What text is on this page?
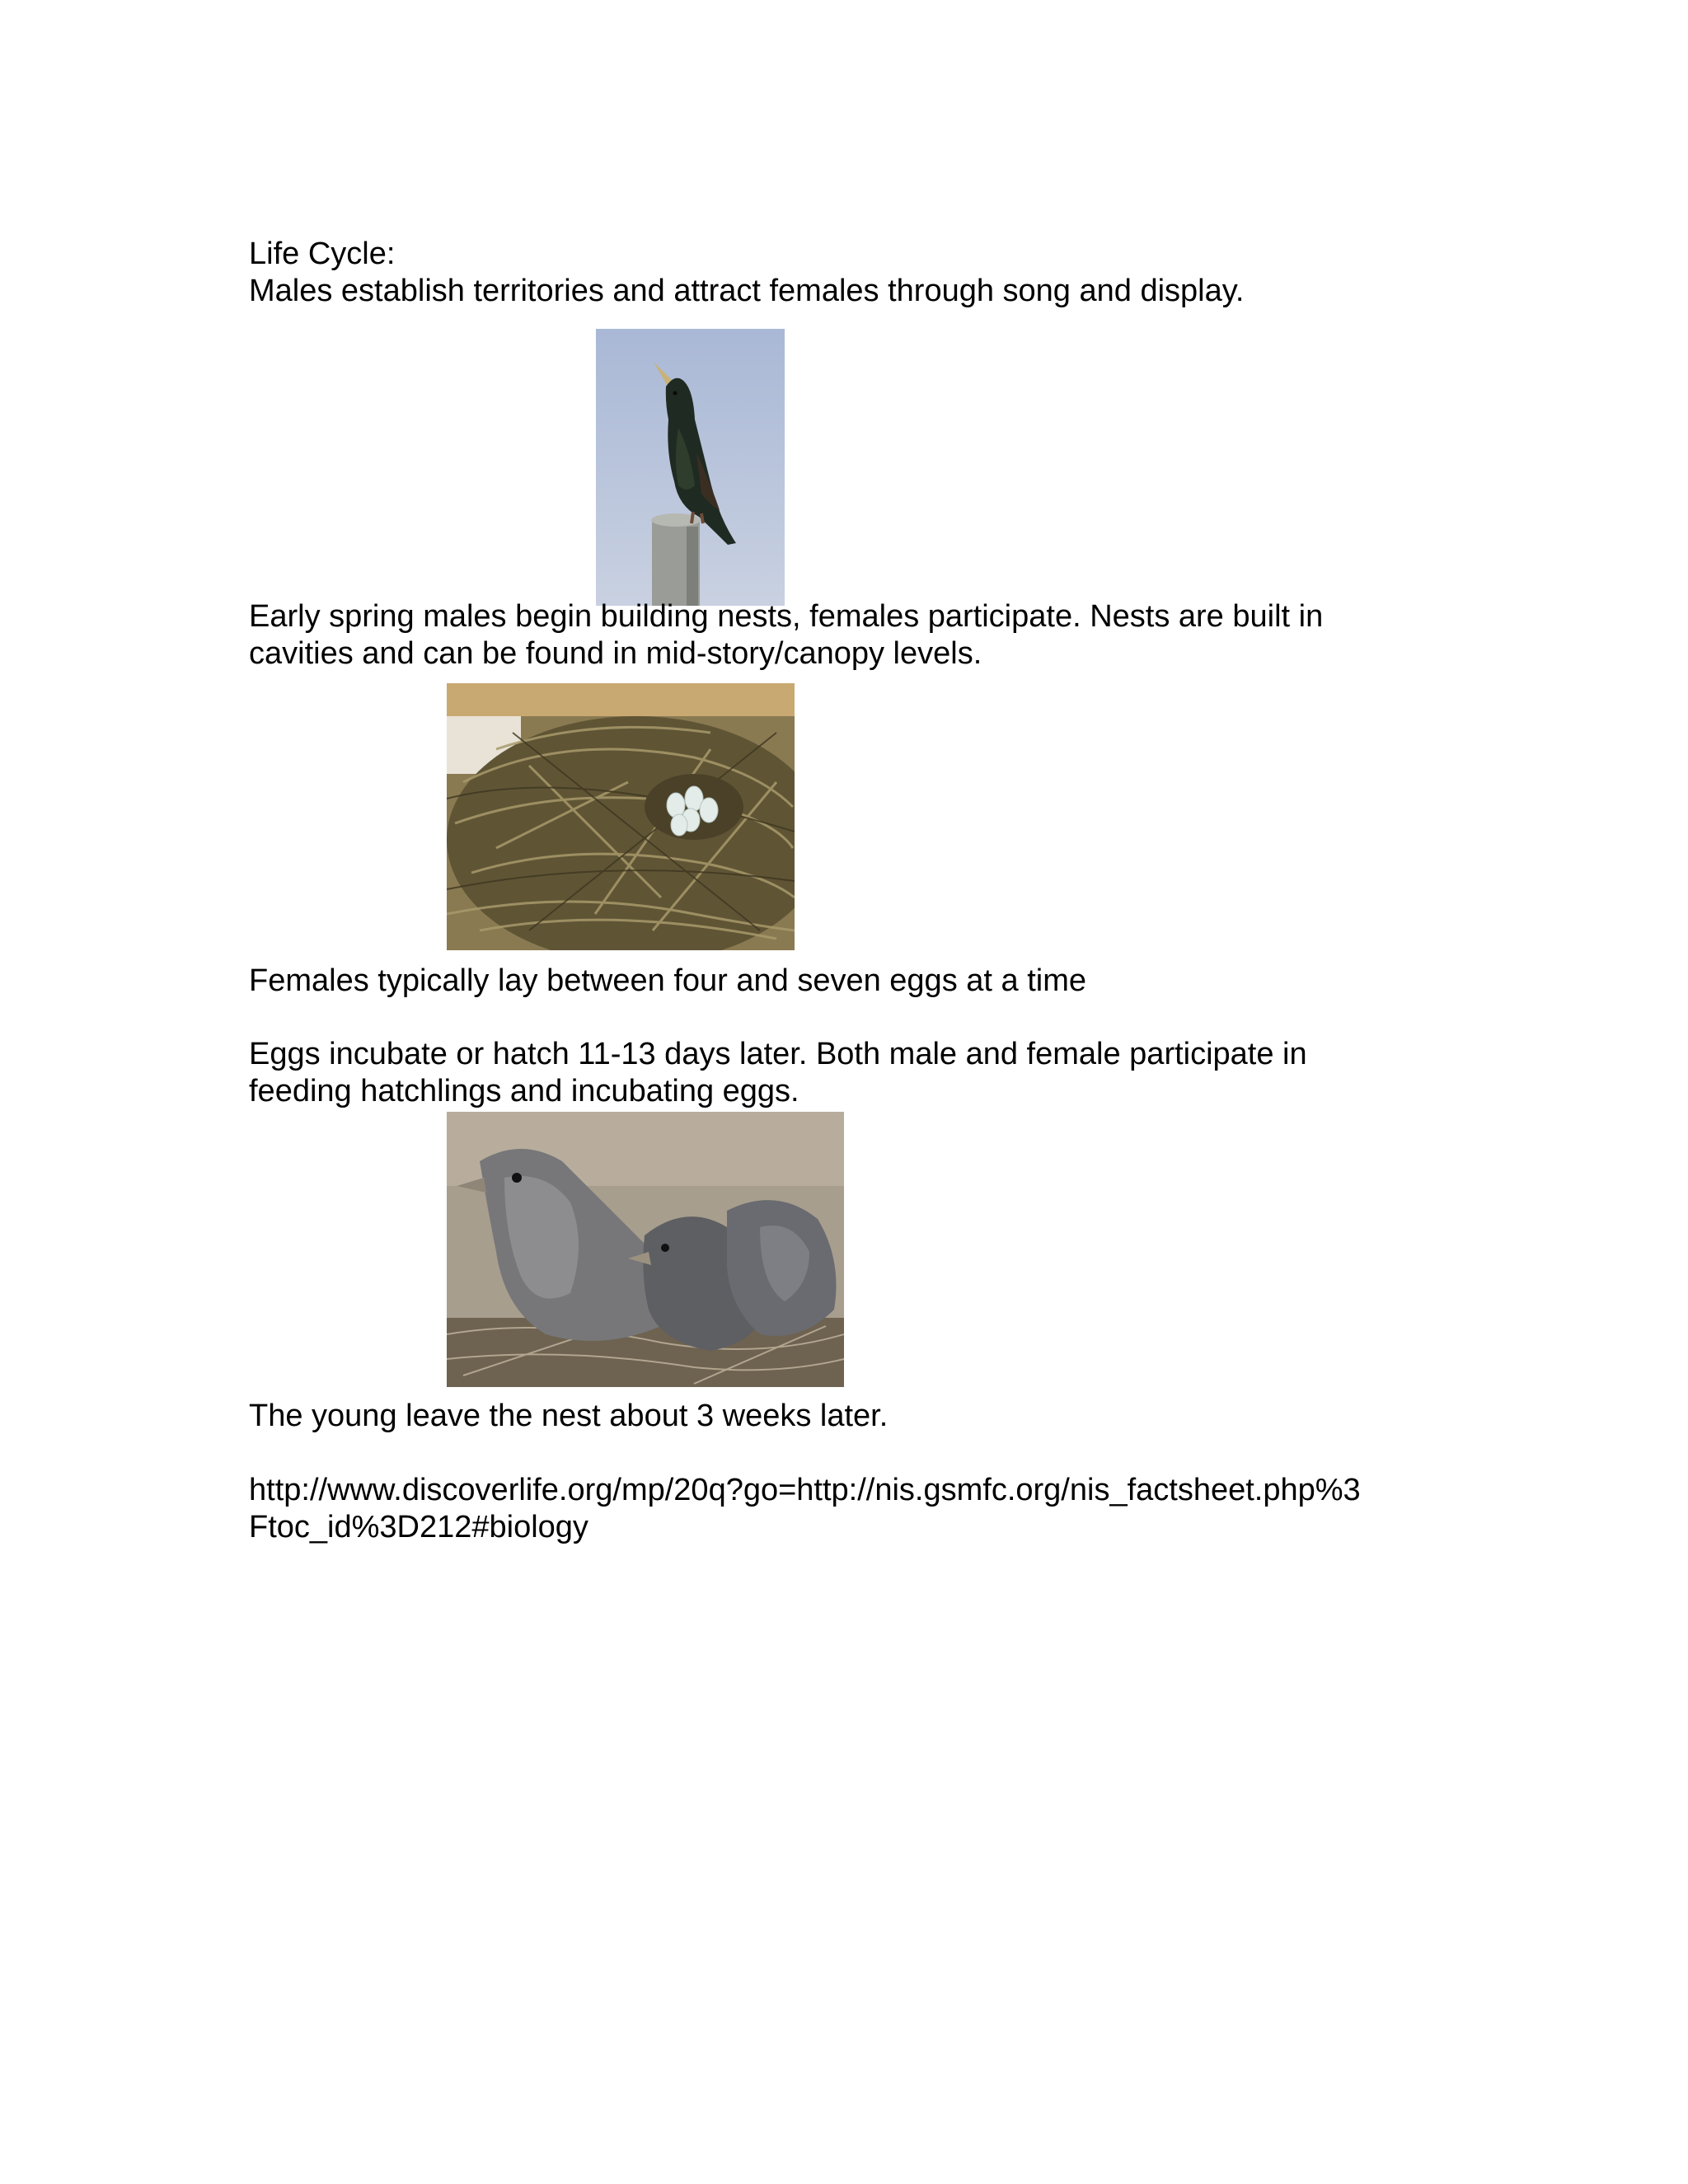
Life Cycle:

Males establish territories and attract females through song and display.

Early spring males begin building nests, females participate. Nests are built in

cavities and can be found in mid-story/canopy levels.

Females typically lay between four and seven eggs at a time

Eggs incubate or hatch 11-13 days later. Both male and female participate in

feeding hatchlings and incubating eggs.

The young leave the nest about 3 weeks later.

http://www.discoverlife.org/mp/20q?go=http://nis.gsmfc.org/nis_factsheet.php%3

Ftoc_id%3D212#biology
